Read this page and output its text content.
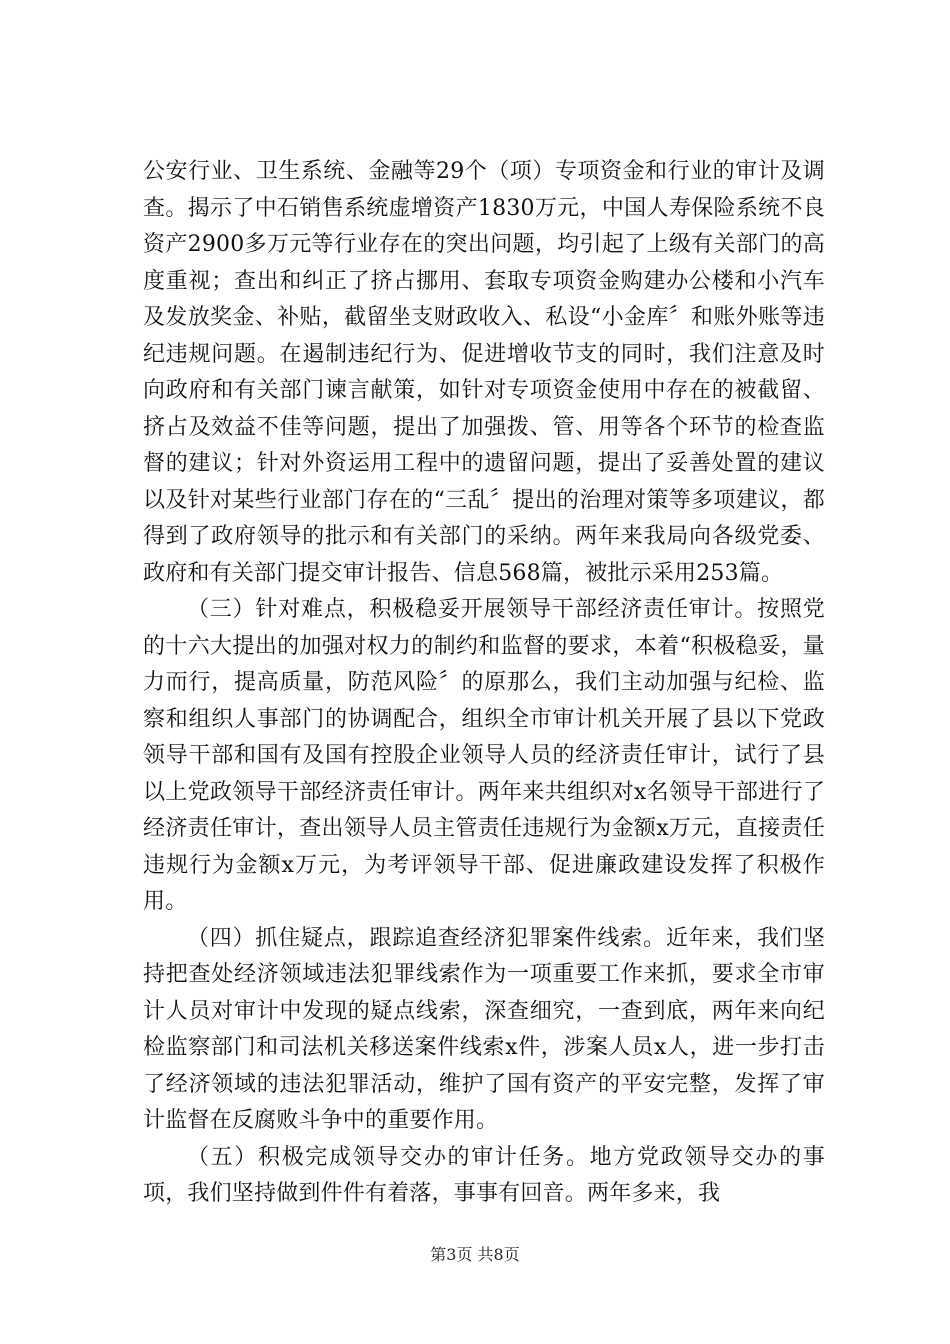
公安行业、卫生系统、金融等29个（项）专项资金和行业的审计及调查。揭示了中石销售系统虚增资产1830万元，中国人寿保险系统不良资产2900多万元等行业存在的突出问题，均引起了上级有关部门的高度重视；查出和纠正了挤占挪用、套取专项资金购建办公楼和小汽车及发放奖金、补贴，截留坐支财政收入、私设“小金库〞和账外账等违纪违规问题。在遏制违纪行为、促进增收节支的同时，我们注意及时向政府和有关部门谏言献策，如针对专项资金使用中存在的被截留、挤占及效益不佳等问题，提出了加强拨、管、用等各个环节的检查监督的建议；针对外资运用工程中的遗留问题，提出了妥善处置的建议以及针对某些行业部门存在的“三乱〞提出的治理对策等多项建议，都得到了政府领导的批示和有关部门的采纳。两年来我局向各级党委、政府和有关部门提交审计报告、信息568篇，被批示采用253篇。

（三）针对难点，积极稳妥开展领导干部经济责任审计。按照党的十六大提出的加强对权力的制约和监督的要求，本着“积极稳妥，量力而行，提高质量，防范风险〞的原那么，我们主动加强与纪检、监察和组织人事部门的协调配合，组织全市审计机关开展了县以下党政领导干部和国有及国有控股企业领导人员的经济责任审计，试行了县以上党政领导干部经济责任审计。两年来共组织对x名领导干部进行了经济责任审计，查出领导人员主管责任违规行为金额x万元，直接责任违规行为金额x万元，为考评领导干部、促进廉政建设发挥了积极作用。

（四）抓住疑点，跟踪追查经济犯罪案件线索。近年来，我们坚持把查处经济领域违法犯罪线索作为一项重要工作来抓，要求全市审计人员对审计中发现的疑点线索，深查细究，一查到底，两年来向纪检监察部门和司法机关移送案件线索x件，涉案人员x人，进一步打击了经济领域的违法犯罪活动，维护了国有资产的平安完整，发挥了审计监督在反腐败斗争中的重要作用。

（五）积极完成领导交办的审计任务。地方党政领导交办的事项，我们坚持做到件件有着落，事事有回音。两年多来，我

第3页 共8页
